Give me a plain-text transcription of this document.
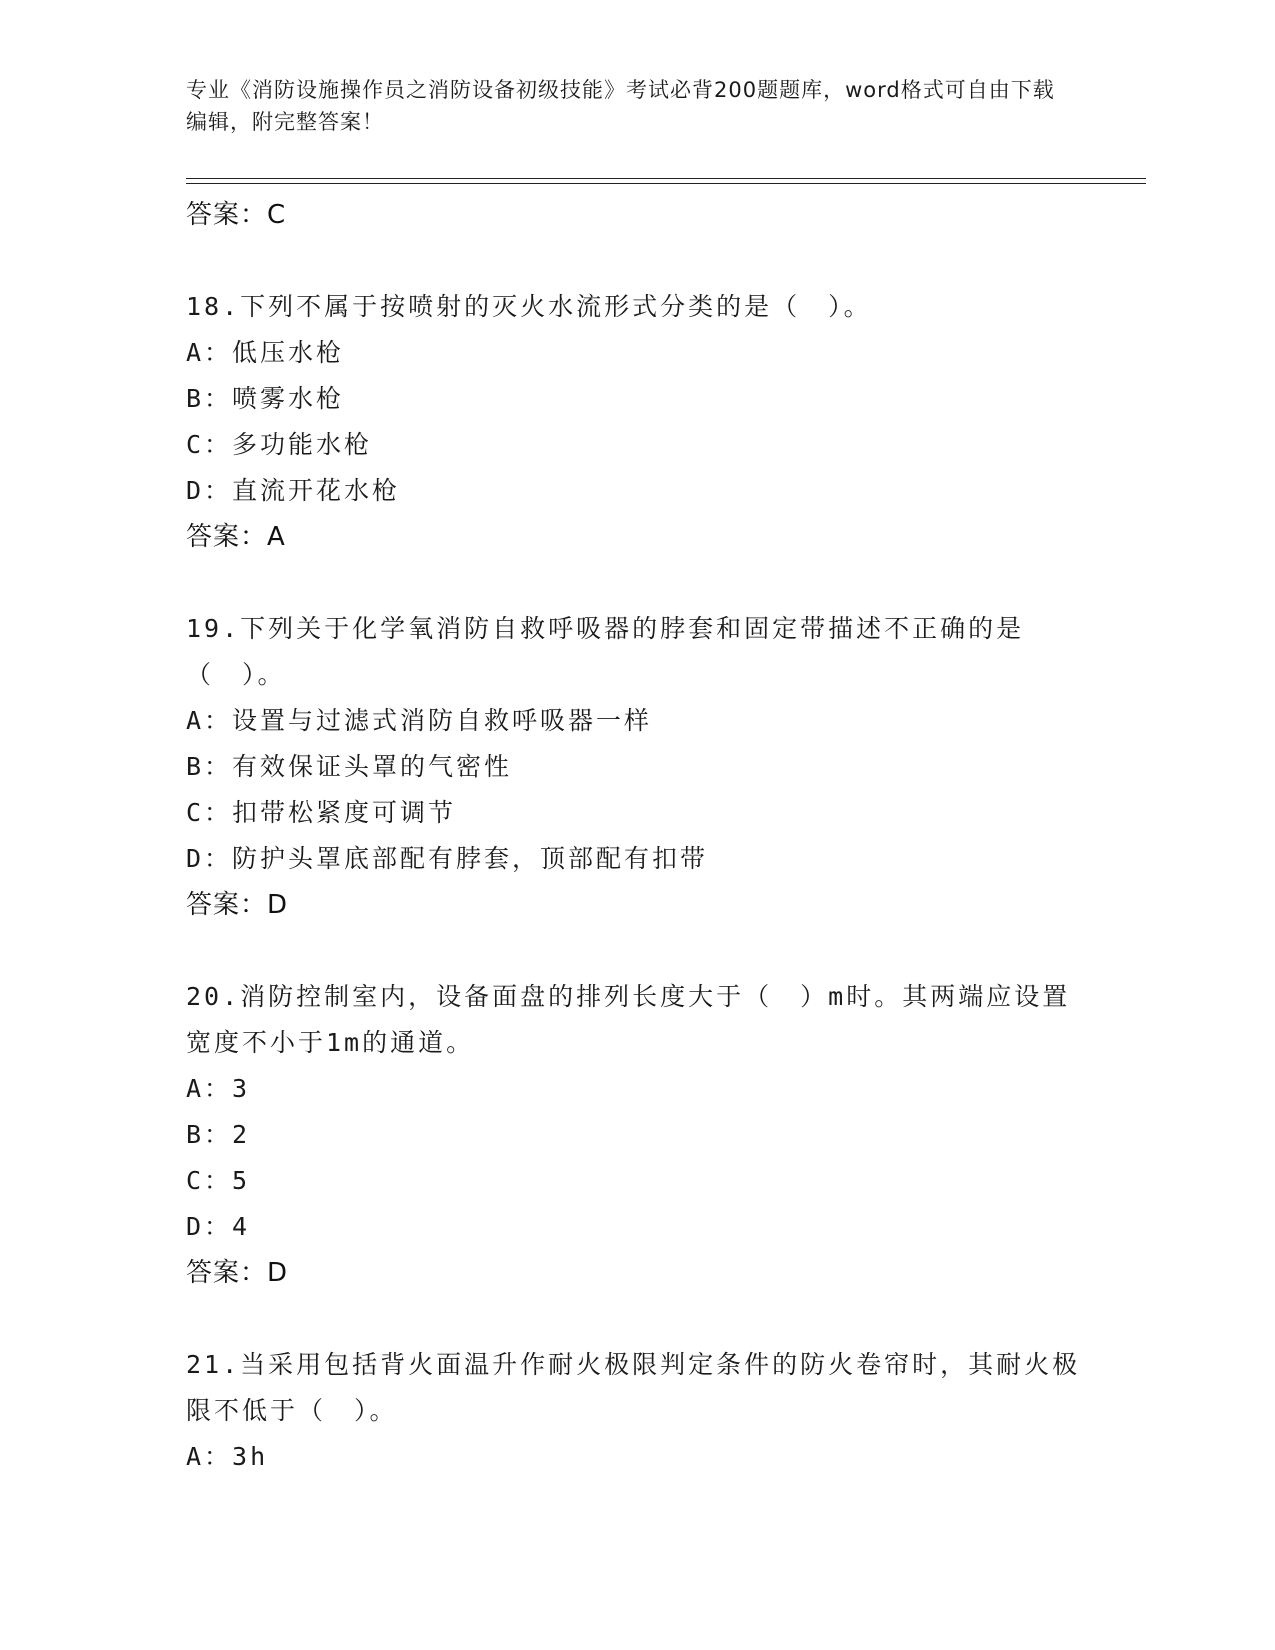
专业《消防设施操作员之消防设备初级技能》考试必背200题题库，word格式可自由下载编辑，附完整答案！
答案：C
18.下列不属于按喷射的灭火水流形式分类的是（　）。
A：低压水枪
B：喷雾水枪
C：多功能水枪
D：直流开花水枪
答案：A
19.下列关于化学氧消防自救呼吸器的脖套和固定带描述不正确的是（　）。
A：设置与过滤式消防自救呼吸器一样
B：有效保证头罩的气密性
C：扣带松紧度可调节
D：防护头罩底部配有脖套，顶部配有扣带
答案：D
20.消防控制室内，设备面盘的排列长度大于（　）m时。其两端应设置宽度不小于1m的通道。
A：3
B：2
C：5
D：4
答案：D
21.当采用包括背火面温升作耐火极限判定条件的防火卷帘时，其耐火极限不低于（　）。
A：3h
